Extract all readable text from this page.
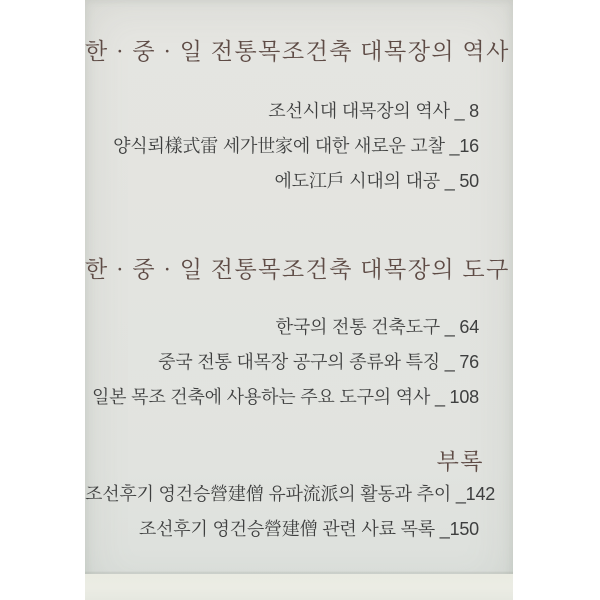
한 · 중 · 일 전통목조건축 대목장의 역사
조선시대 대목장의 역사 _ 8
양식뢰樣式雷 세가世家에 대한 새로운 고찰 _16
에도江戶 시대의 대공 _ 50
한 · 중 · 일 전통목조건축 대목장의 도구
한국의 전통 건축도구 _ 64
중국 전통 대목장 공구의 종류와 특징 _ 76
일본 목조 건축에 사용하는 주요 도구의 역사 _ 108
부록
조선후기 영건승營建僧 유파流派의 활동과 추이 _142
조선후기 영건승營建僧 관련 사료 목록 _150
